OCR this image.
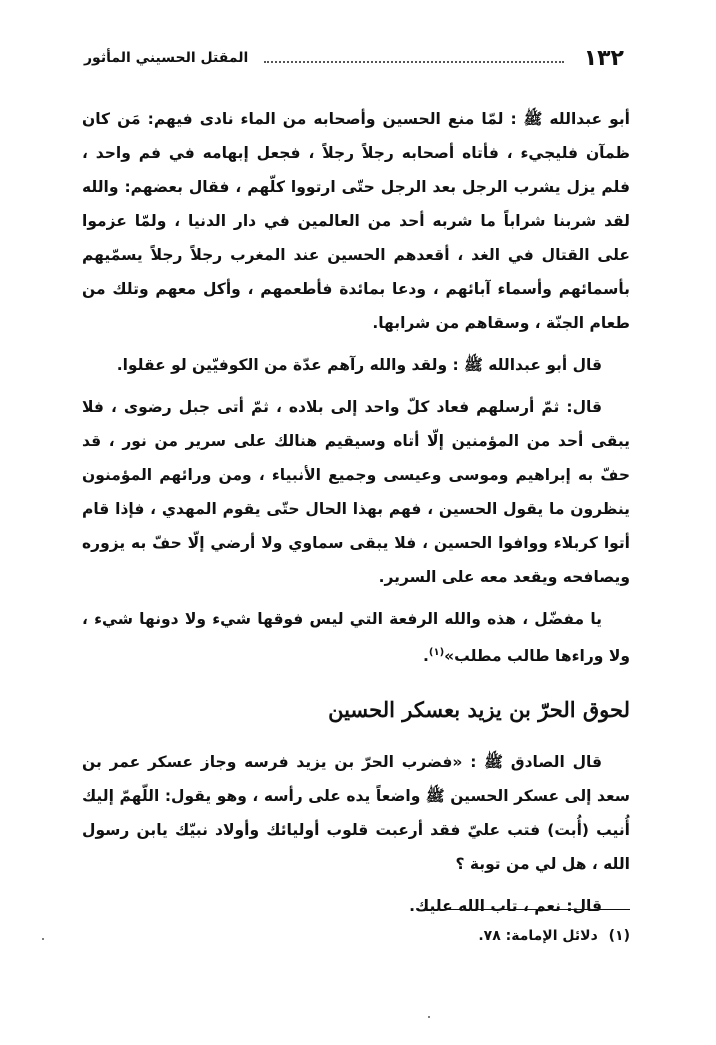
١٣٢
المقتل الحسيني المأثور

أبو عبدالله ﷺ : لمّا منع الحسين وأصحابه من الماء نادى فيهم: مَن كان ظمآن فليجيء ، فأتاه أصحابه رجلاً رجلاً ، فجعل إبهامه في فم واحد ، فلم يزل يشرب الرجل بعد الرجل حتّى ارتووا كلّهم ، فقال بعضهم: والله لقد شربنا شراباً ما شربه أحد من العالمين في دار الدنيا ، ولمّا عزموا على القتال في الغد ، أقعدهم الحسين عند المغرب رجلاً رجلاً يسمّيهم بأسمائهم وأسماء آبائهم ، ودعا بمائدة فأطعمهم ، وأكل معهم وتلك من طعام الجنّة ، وسقاهم من شرابها.

قال أبو عبدالله ﷺ : ولقد والله رآهم عدّة من الكوفيّين لو عقلوا.

قال: ثمّ أرسلهم فعاد كلّ واحد إلى بلاده ، ثمّ أتى جبل رضوى ، فلا يبقى أحد من المؤمنين إلّا أتاه وسيقيم هنالك على سرير من نور ، قد حفّ به إبراهيم وموسى وعيسى وجميع الأنبياء ، ومن ورائهم المؤمنون ينظرون ما يقول الحسين ، فهم بهذا الحال حتّى يقوم المهدي ، فإذا قام أتوا كربلاء ووافوا الحسين ، فلا يبقى سماوي ولا أرضي إلّا حفّ به يزوره ويصافحه ويقعد معه على السرير.

يا مفضّل ، هذه والله الرفعة التي ليس فوقها شيء ولا دونها شيء ، ولا وراءها طالب مطلب»$^{(١)}$.

لحوق الحرّ بن يزيد بعسكر الحسين

قال الصادق ﷺ : «فضرب الحرّ بن يزيد فرسه وجاز عسكر عمر بن سعد إلى عسكر الحسين ﷺ واضعاً يده على رأسه ، وهو يقول: اللّهمّ إليك أُنيب (أُبت) فتب عليّ فقد أرعبت قلوب أوليائك وأولاد نبيّك يابن رسول الله ، هل لي من توبة ؟

قال: نعم ، تاب الله عليك.

(١) دلائل الإمامة: ٧٨.
